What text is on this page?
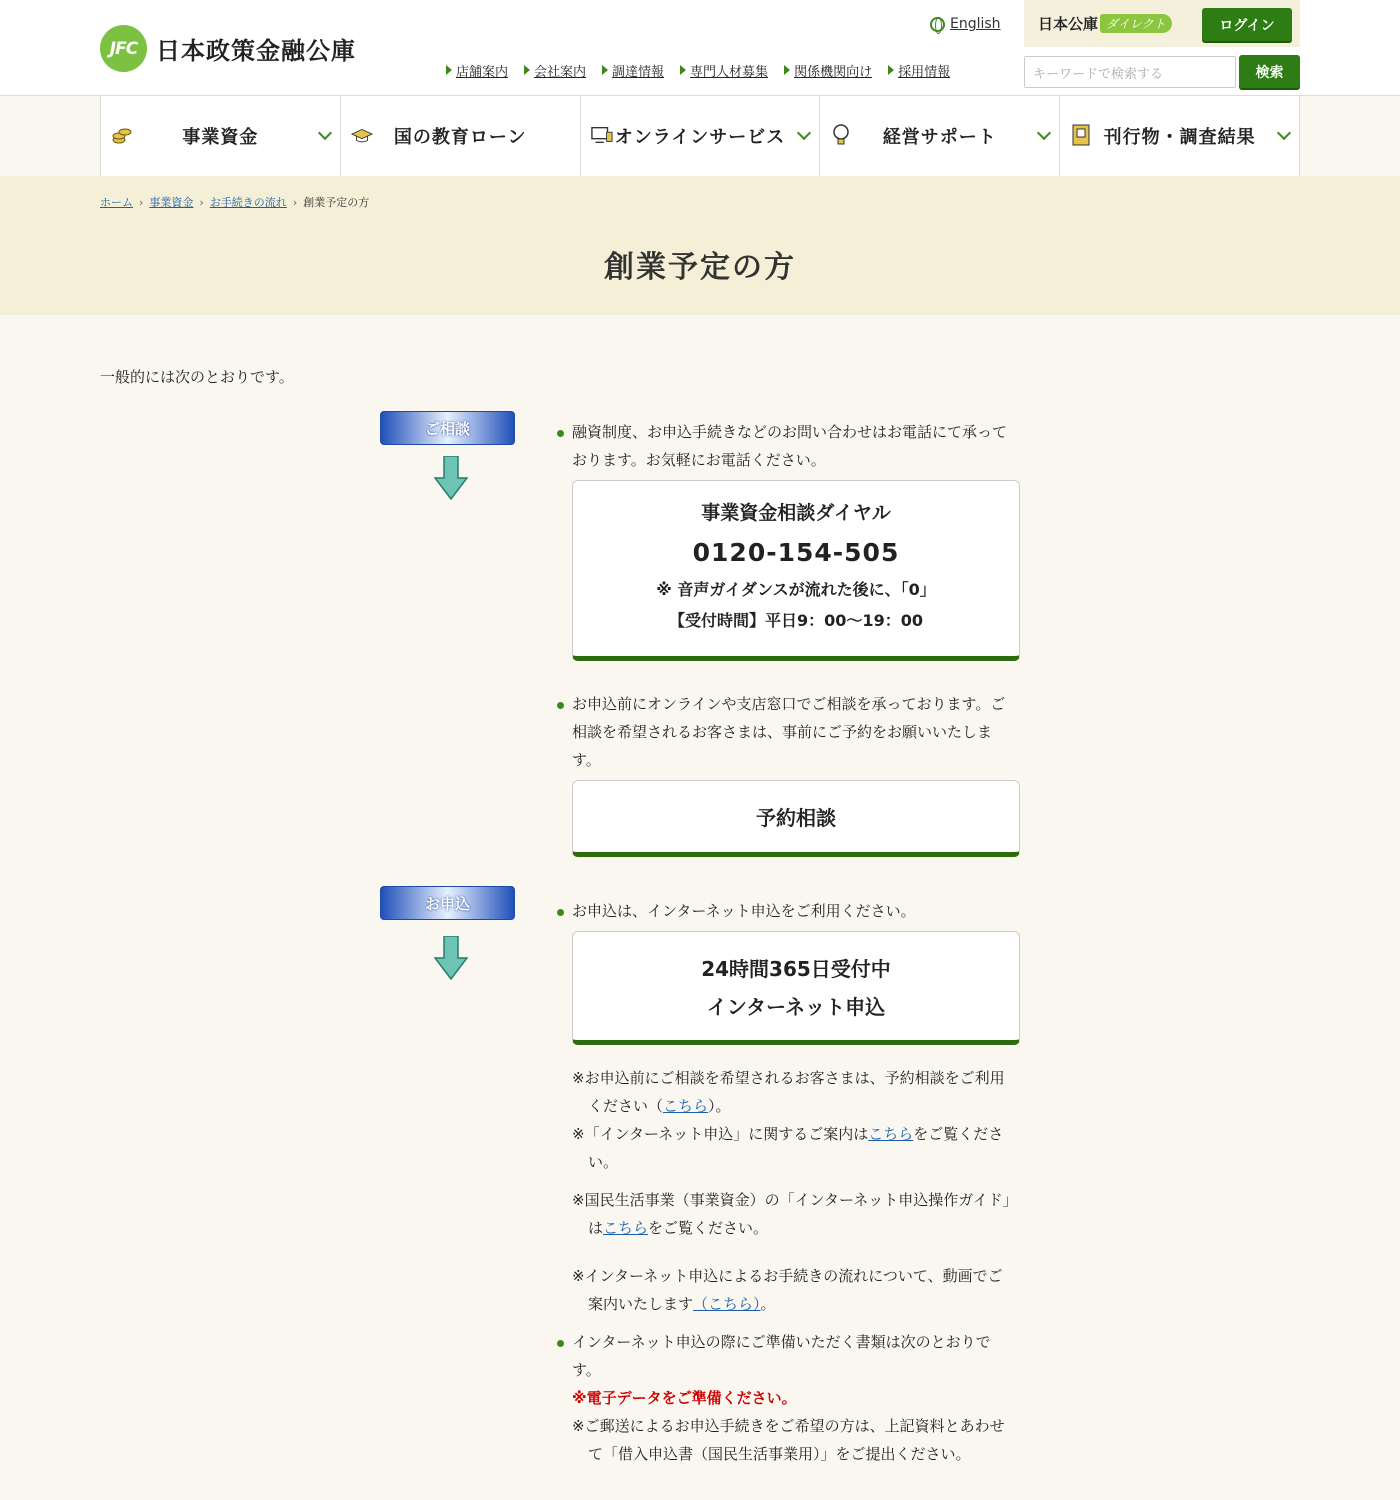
JFC 日本政策金融公庫
English
店舗案内	会社案内	調達情報	専門人材募集	関係機関向け	採用情報
日本公庫 ダイレクト	ログイン
キーワードで検索する	検索
事業資金	国の教育ローン	オンラインサービス	経営サポート	刊行物・調査結果
ホーム › 事業資金 › お手続きの流れ › 創業予定の方
創業予定の方

一般的には次のとおりです。

ご相談	融資制度、お申込手続きなどのお問い合わせはお電話にて承っております。お気軽にお電話ください。

事業資金相談ダイヤル
0120-154-505
※ 音声ガイダンスが流れた後に、「0」
【受付時間】平日9：00〜19：00

お申込前にオンラインや支店窓口でご相談を承っております。ご相談を希望されるお客さまは、事前にご予約をお願いいたします。

予約相談
お申込	お申込は、インターネット申込をご利用ください。

24時間365日受付中
インターネット申込

※お申込前にご相談を希望されるお客さまは、予約相談をご利用ください（こちら）。

※「インターネット申込」に関するご案内はこちらをご覧ください。

※国民生活事業（事業資金）の「インターネット申込操作ガイド」はこちらをご覧ください。

※インターネット申込によるお手続きの流れについて、動画でご案内いたします（こちら）。

インターネット申込の際にご準備いただく書類は次のとおりです。

※電子データをご準備ください。

※ご郵送によるお申込手続きをご希望の方は、上記資料とあわせて「借入申込書（国民生活事業用）」をご提出ください。
